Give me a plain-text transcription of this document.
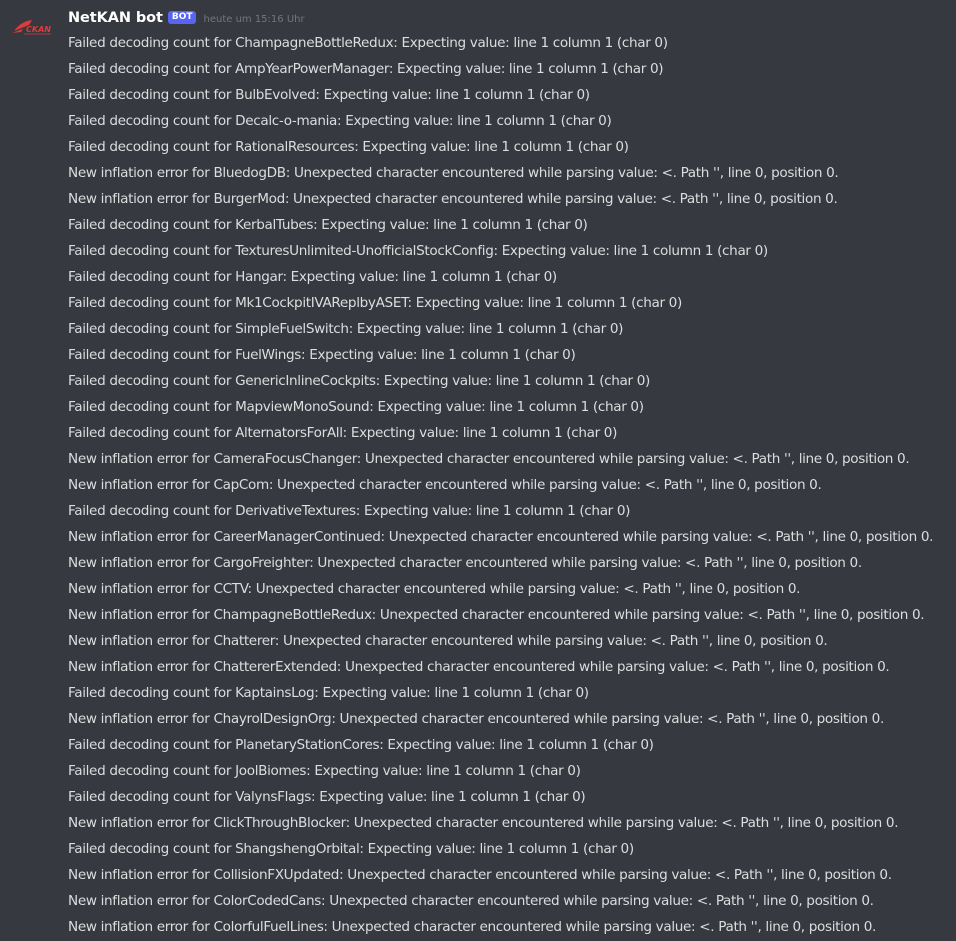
CKAN
NetKAN bot	BOT	heute um 15:16 Uhr
Failed decoding count for ChampagneBottleRedux: Expecting value: line 1 column 1 (char 0)
Failed decoding count for AmpYearPowerManager: Expecting value: line 1 column 1 (char 0)
Failed decoding count for BulbEvolved: Expecting value: line 1 column 1 (char 0)
Failed decoding count for Decalc-o-mania: Expecting value: line 1 column 1 (char 0)
Failed decoding count for RationalResources: Expecting value: line 1 column 1 (char 0)
New inflation error for BluedogDB: Unexpected character encountered while parsing value: <. Path '', line 0, position 0.
New inflation error for BurgerMod: Unexpected character encountered while parsing value: <. Path '', line 0, position 0.
Failed decoding count for KerbalTubes: Expecting value: line 1 column 1 (char 0)
Failed decoding count for TexturesUnlimited-UnofficialStockConfig: Expecting value: line 1 column 1 (char 0)
Failed decoding count for Hangar: Expecting value: line 1 column 1 (char 0)
Failed decoding count for Mk1CockpitIVAReplbyASET: Expecting value: line 1 column 1 (char 0)
Failed decoding count for SimpleFuelSwitch: Expecting value: line 1 column 1 (char 0)
Failed decoding count for FuelWings: Expecting value: line 1 column 1 (char 0)
Failed decoding count for GenericInlineCockpits: Expecting value: line 1 column 1 (char 0)
Failed decoding count for MapviewMonoSound: Expecting value: line 1 column 1 (char 0)
Failed decoding count for AlternatorsForAll: Expecting value: line 1 column 1 (char 0)
New inflation error for CameraFocusChanger: Unexpected character encountered while parsing value: <. Path '', line 0, position 0.
New inflation error for CapCom: Unexpected character encountered while parsing value: <. Path '', line 0, position 0.
Failed decoding count for DerivativeTextures: Expecting value: line 1 column 1 (char 0)
New inflation error for CareerManagerContinued: Unexpected character encountered while parsing value: <. Path '', line 0, position 0.
New inflation error for CargoFreighter: Unexpected character encountered while parsing value: <. Path '', line 0, position 0.
New inflation error for CCTV: Unexpected character encountered while parsing value: <. Path '', line 0, position 0.
New inflation error for ChampagneBottleRedux: Unexpected character encountered while parsing value: <. Path '', line 0, position 0.
New inflation error for Chatterer: Unexpected character encountered while parsing value: <. Path '', line 0, position 0.
New inflation error for ChattererExtended: Unexpected character encountered while parsing value: <. Path '', line 0, position 0.
Failed decoding count for KaptainsLog: Expecting value: line 1 column 1 (char 0)
New inflation error for ChayrolDesignOrg: Unexpected character encountered while parsing value: <. Path '', line 0, position 0.
Failed decoding count for PlanetaryStationCores: Expecting value: line 1 column 1 (char 0)
Failed decoding count for JoolBiomes: Expecting value: line 1 column 1 (char 0)
Failed decoding count for ValynsFlags: Expecting value: line 1 column 1 (char 0)
New inflation error for ClickThroughBlocker: Unexpected character encountered while parsing value: <. Path '', line 0, position 0.
Failed decoding count for ShangshengOrbital: Expecting value: line 1 column 1 (char 0)
New inflation error for CollisionFXUpdated: Unexpected character encountered while parsing value: <. Path '', line 0, position 0.
New inflation error for ColorCodedCans: Unexpected character encountered while parsing value: <. Path '', line 0, position 0.
New inflation error for ColorfulFuelLines: Unexpected character encountered while parsing value: <. Path '', line 0, position 0.
